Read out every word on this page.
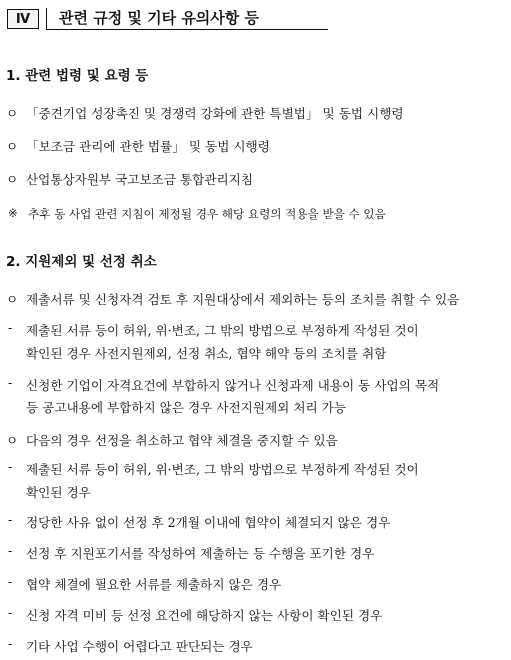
Ⅳ	관련 규정 및 기타 유의사항 등
1. 관련 법령 및 요령 등
ㅇ 「중견기업 성장촉진 및 경쟁력 강화에 관한 특별법」 및 동법 시행령
ㅇ 「보조금 관리에 관한 법률」 및 동법 시행령
ㅇ 산업통상자원부 국고보조금 통합관리지침
※ 추후 동 사업 관련 지침이 제정될 경우 해당 요령의 적용을 받을 수 있음
2. 지원제외 및 선정 취소
ㅇ 제출서류 및 신청자격 검토 후 지원대상에서 제외하는 등의 조치를 취할 수 있음
- 제출된 서류 등이 허위, 위·변조, 그 밖의 방법으로 부정하게 작성된 것이
확인된 경우 사전지원제외, 선정 취소, 협약 해약 등의 조치를 취함
- 신청한 기업이 자격요건에 부합하지 않거나 신청과제 내용이 동 사업의 목적
등 공고내용에 부합하지 않은 경우 사전지원제외 처리 가능
ㅇ 다음의 경우 선정을 취소하고 협약 체결을 중지할 수 있음
- 제출된 서류 등이 허위, 위·변조, 그 밖의 방법으로 부정하게 작성된 것이
확인된 경우
- 정당한 사유 없이 선정 후 2개월 이내에 협약이 체결되지 않은 경우
- 선정 후 지원포기서를 작성하여 제출하는 등 수행을 포기한 경우
- 협약 체결에 필요한 서류를 제출하지 않은 경우
- 신청 자격 미비 등 선정 요건에 해당하지 않는 사항이 확인된 경우
- 기타 사업 수행이 어렵다고 판단되는 경우
